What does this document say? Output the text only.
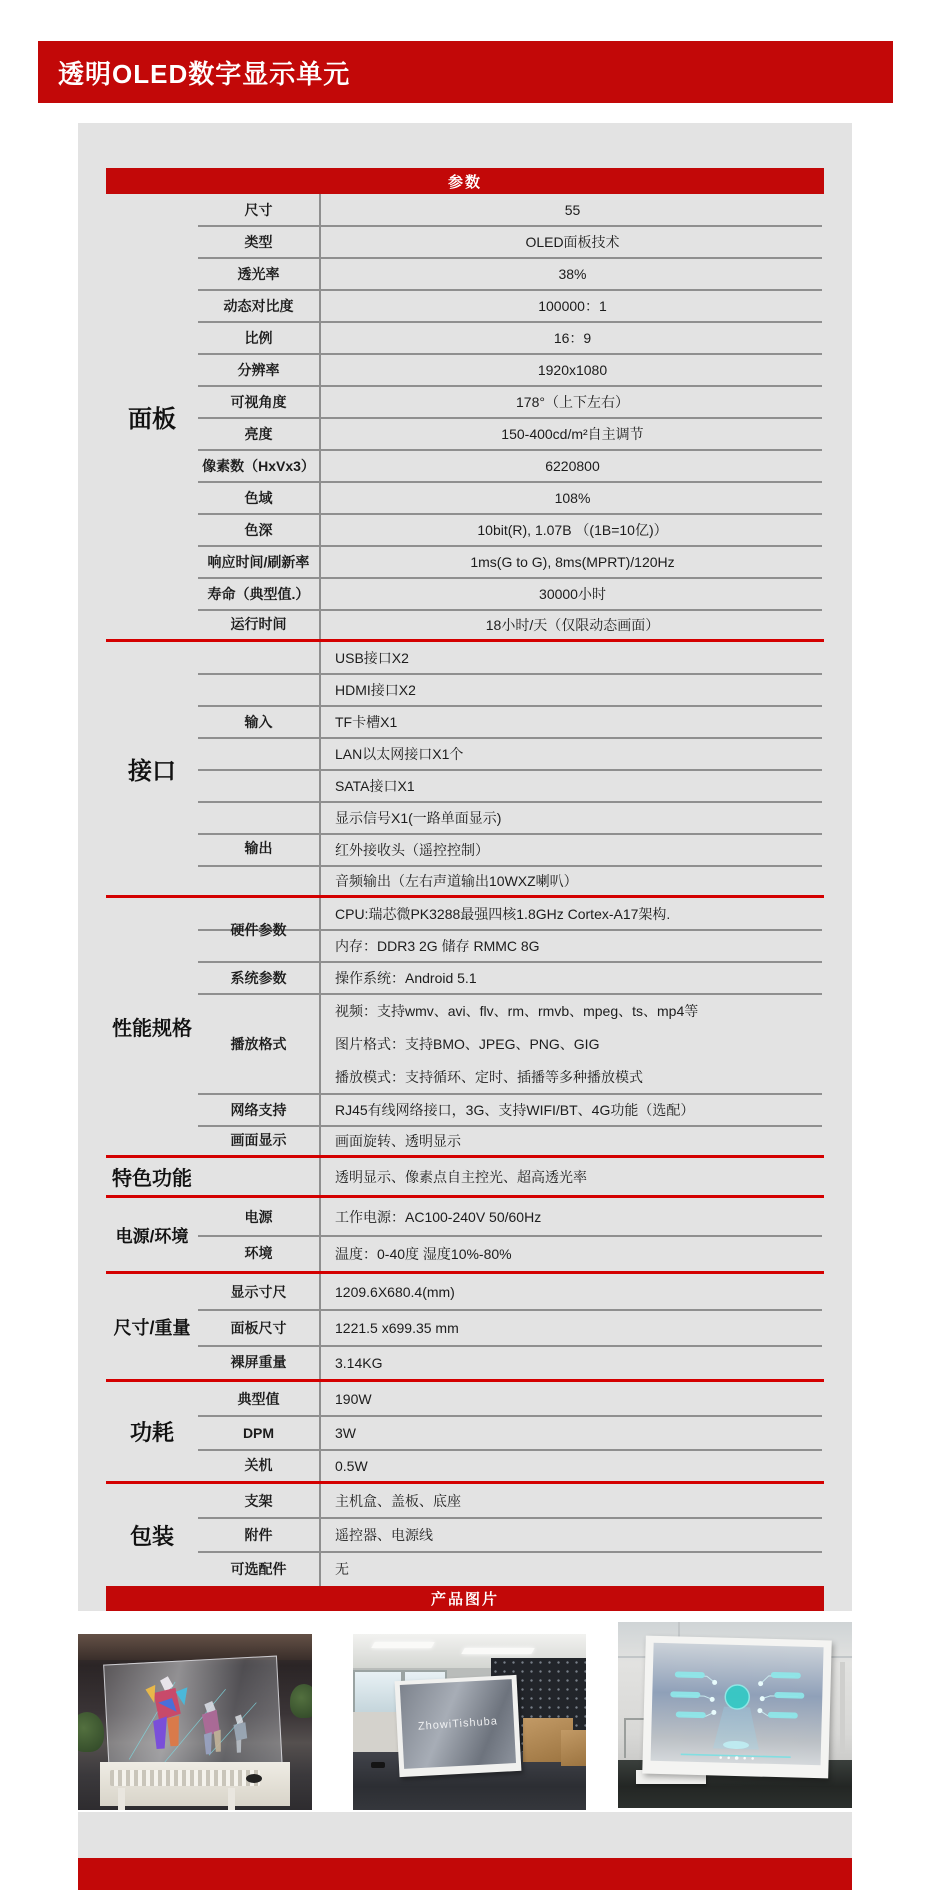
透明OLED数字显示单元
参数
面板
55
OLED面板技术
38%
100000：1
16：9
1920x1080
178°（上下左右）
150-400cd/m²自主调节
6220800
108%
10bit(R), 1.07B （(1B=10亿)）
1ms(G to G), 8ms(MPRT)/120Hz
30000小时
18小时/天（仅限动态画面）
尺寸
类型
透光率
动态对比度
比例
分辨率
可视角度
亮度
像素数（HxVx3）
色域
色深
响应时间/刷新率
寿命（典型值.）
运行时间
接口
USB接口X2
HDMI接口X2
TF卡槽X1
LAN以太网接口X1个
SATA接口X1
显示信号X1(一路单面显示)
红外接收头（遥控控制）
音频输出（左右声道输出10WXZ喇叭）
输入
输出
性能规格
CPU:瑞芯微PK3288最强四核1.8GHz Cortex-A17架构.
内存：DDR3 2G 储存 RMMC 8G
操作系统：Android 5.1
视频：支持wmv、avi、flv、rm、rmvb、mpeg、ts、mp4等
图片格式：支持BMO、JPEG、PNG、GIG
播放模式：支持循环、定时、插播等多种播放模式
RJ45有线网络接口，3G、支持WIFI/BT、4G功能（选配）
画面旋转、透明显示
硬件参数
系统参数
播放格式
网络支持
画面显示
特色功能	透明显示、像素点自主控光、超高透光率
电源/环境
工作电源：AC100-240V 50/60Hz
温度：0-40度 湿度10%-80%
电源
环境
尺寸/重量
1209.6X680.4(mm)
1221.5 x699.35 mm
3.14KG
显示寸尺
面板尺寸
裸屏重量
功耗
190W
3W
0.5W
典型值
DPM
关机
包装
主机盒、盖板、底座
遥控器、电源线
无
支架
附件
可选配件
产品图片
ZhowiTishuba
